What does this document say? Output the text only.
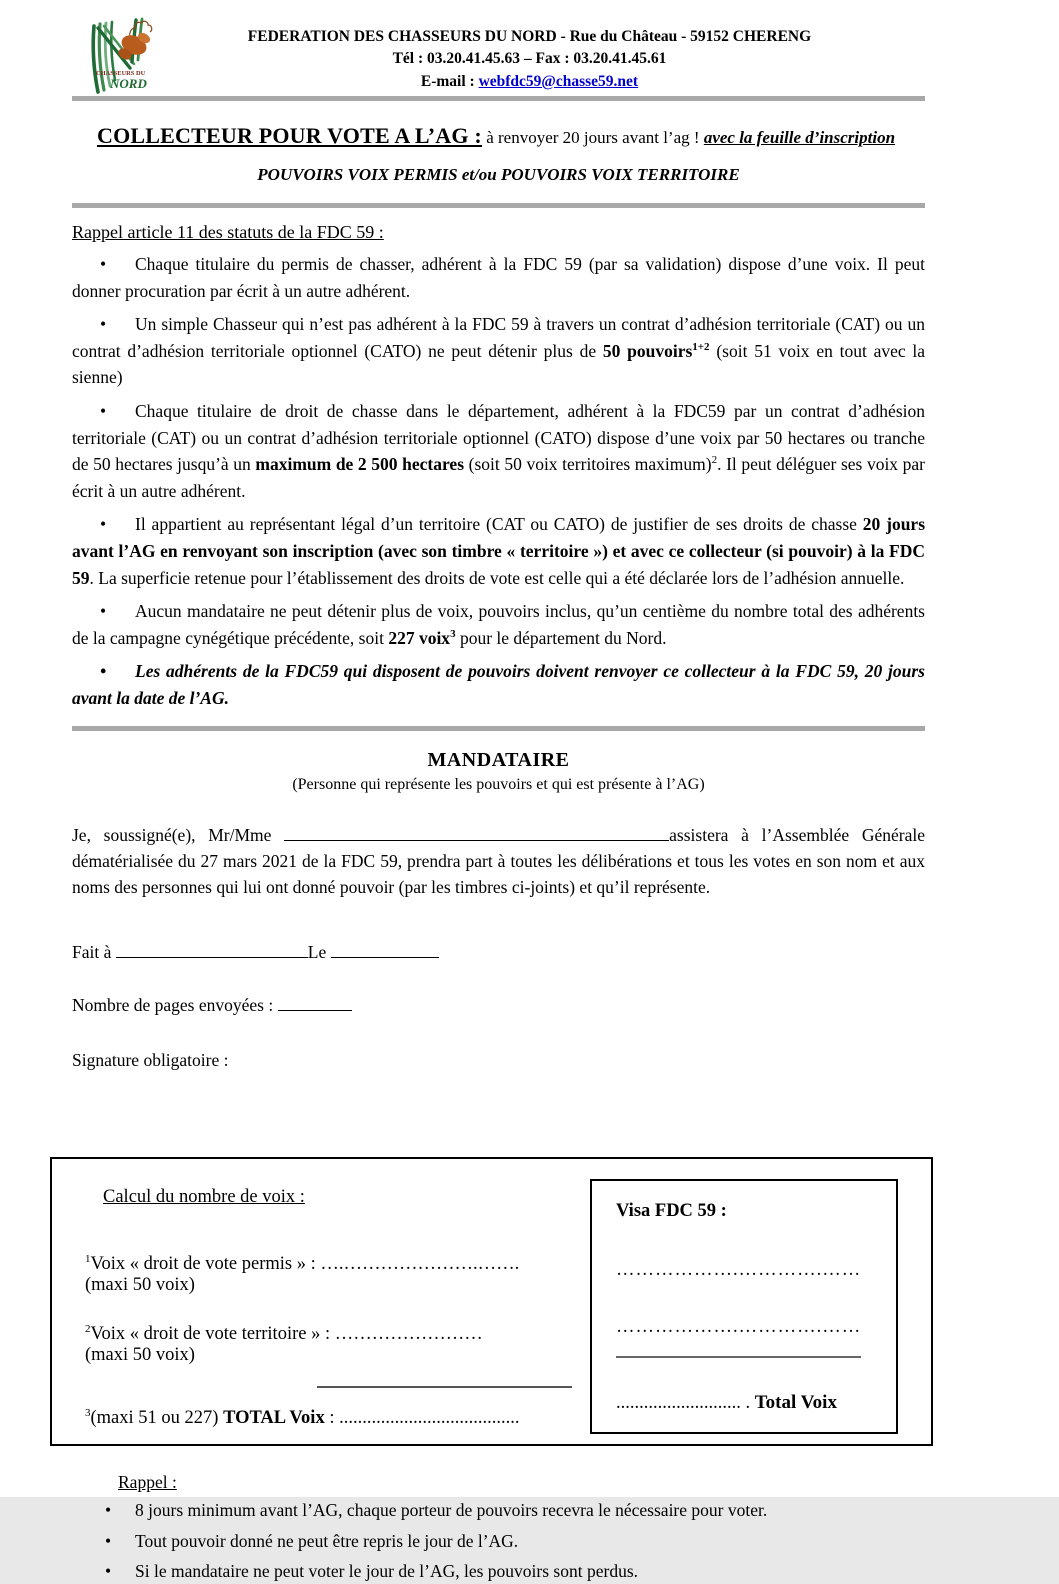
CHASSEURS DU
NORD
FEDERATION DES CHASSEURS DU NORD - Rue du Château - 59152 CHERENG
Tél : 03.20.41.45.63 – Fax : 03.20.41.45.61
E-mail : webfdc59@chasse59.net
COLLECTEUR POUR VOTE A L’AG : à renvoyer 20 jours avant l’ag ! avec la feuille d’inscription
POUVOIRS VOIX PERMIS et/ou POUVOIRS VOIX TERRITOIRE
Rappel article 11 des statuts de la FDC 59 :

• Chaque titulaire du permis de chasser, adhérent à la FDC 59 (par sa validation) dispose d’une voix. Il peut donner procuration par écrit à un autre adhérent.

• Un simple Chasseur qui n’est pas adhérent à la FDC 59 à travers un contrat d’adhésion territoriale (CAT) ou un contrat d’adhésion territoriale optionnel (CATO) ne peut détenir plus de 50 pouvoirs$^{1+2}$ (soit 51 voix en tout avec la sienne)

• Chaque titulaire de droit de chasse dans le département, adhérent à la FDC59 par un contrat d’adhésion territoriale (CAT) ou un contrat d’adhésion territoriale optionnel (CATO) dispose d’une voix par 50 hectares ou tranche de 50 hectares jusqu’à un maximum de 2 500 hectares (soit 50 voix territoires maximum)$^2$. Il peut déléguer ses voix par écrit à un autre adhérent.

• Il appartient au représentant légal d’un territoire (CAT ou CATO) de justifier de ses droits de chasse 20 jours avant l’AG en renvoyant son inscription (avec son timbre « territoire ») et avec ce collecteur (si pouvoir) à la FDC 59. La superficie retenue pour l’établissement des droits de vote est celle qui a été déclarée lors de l’adhésion annuelle.

• Aucun mandataire ne peut détenir plus de voix, pouvoirs inclus, qu’un centième du nombre total des adhérents de la campagne cynégétique précédente, soit 227 voix$^3$ pour le département du Nord.

• Les adhérents de la FDC59 qui disposent de pouvoirs doivent renvoyer ce collecteur à la FDC 59, 20 jours avant la date de l’AG.

MANDATAIRE
(Personne qui représente les pouvoirs et qui est présente à l’AG)

Je, soussigné(e), Mr/Mme	assistera à l’Assemblée Générale dématérialisée du 27 mars 2021 de la FDC 59, prendra part à toutes les délibérations et tous les votes en son nom et aux noms des personnes qui lui ont donné pouvoir (par les timbres ci-joints) et qu’il représente.

Fait à	Le

Nombre de pages envoyées :

Signature obligatoire :

Calcul du nombre de voix :
$^1$Voix « droit de vote permis » : ….………………….…….
(maxi 50 voix)
$^2$Voix « droit de vote territoire » : ……………………
(maxi 50 voix)
$^3$(maxi 51 ou 227) TOTAL Voix : .......................................
Visa FDC 59 :
……………….………….……
……………….………….……
........................... . Total Voix
Rappel :

• 8 jours minimum avant l’AG, chaque porteur de pouvoirs recevra le nécessaire pour voter.

• Tout pouvoir donné ne peut être repris le jour de l’AG.

• Si le mandataire ne peut voter le jour de l’AG, les pouvoirs sont perdus.
